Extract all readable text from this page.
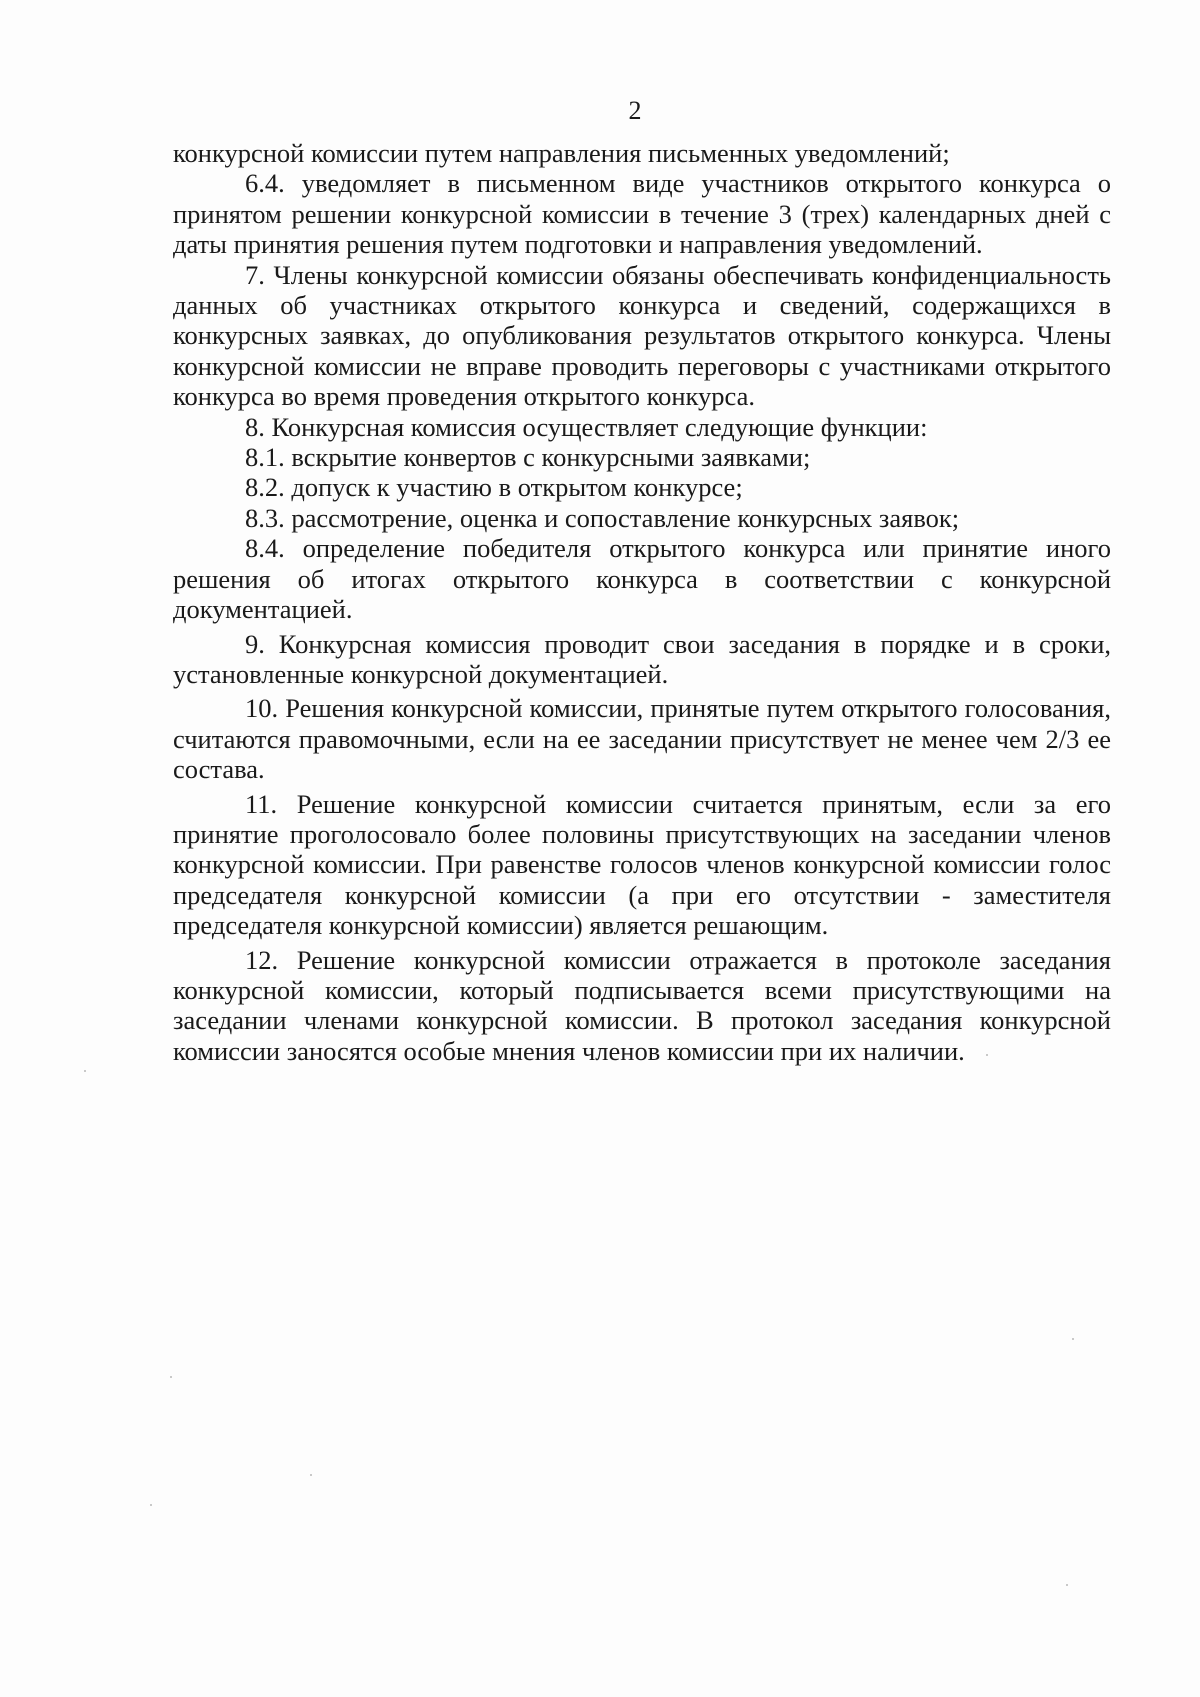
2

конкурсной комиссии путем направления письменных уведомлений;

6.4. уведомляет в письменном виде участников открытого конкурса о принятом решении конкурсной комиссии в течение 3 (трех) календарных дней с даты принятия решения путем подготовки и направления уведомлений.

7. Члены конкурсной комиссии обязаны обеспечивать конфиденциальность данных об участниках открытого конкурса и сведений, содержащихся в конкурсных заявках, до опубликования результатов открытого конкурса. Члены конкурсной комиссии не вправе проводить переговоры с участниками открытого конкурса во время проведения открытого конкурса.

8. Конкурсная комиссия осуществляет следующие функции:

8.1. вскрытие конвертов с конкурсными заявками;

8.2. допуск к участию в открытом конкурсе;

8.3. рассмотрение, оценка и сопоставление конкурсных заявок;

8.4. определение победителя открытого конкурса или принятие иного решения об итогах открытого конкурса в соответствии с конкурсной документацией.

9. Конкурсная комиссия проводит свои заседания в порядке и в сроки, установленные конкурсной документацией.

10. Решения конкурсной комиссии, принятые путем открытого голосования, считаются правомочными, если на ее заседании присутствует не менее чем 2/3 ее состава.

11. Решение конкурсной комиссии считается принятым, если за его принятие проголосовало более половины присутствующих на заседании членов конкурсной комиссии. При равенстве голосов членов конкурсной комиссии голос председателя конкурсной комиссии (а при его отсутствии - заместителя председателя конкурсной комиссии) является решающим.

12. Решение конкурсной комиссии отражается в протоколе заседания конкурсной комиссии, который подписывается всеми присутствующими на заседании членами конкурсной комиссии. В протокол заседания конкурсной комиссии заносятся особые мнения членов комиссии при их наличии.
